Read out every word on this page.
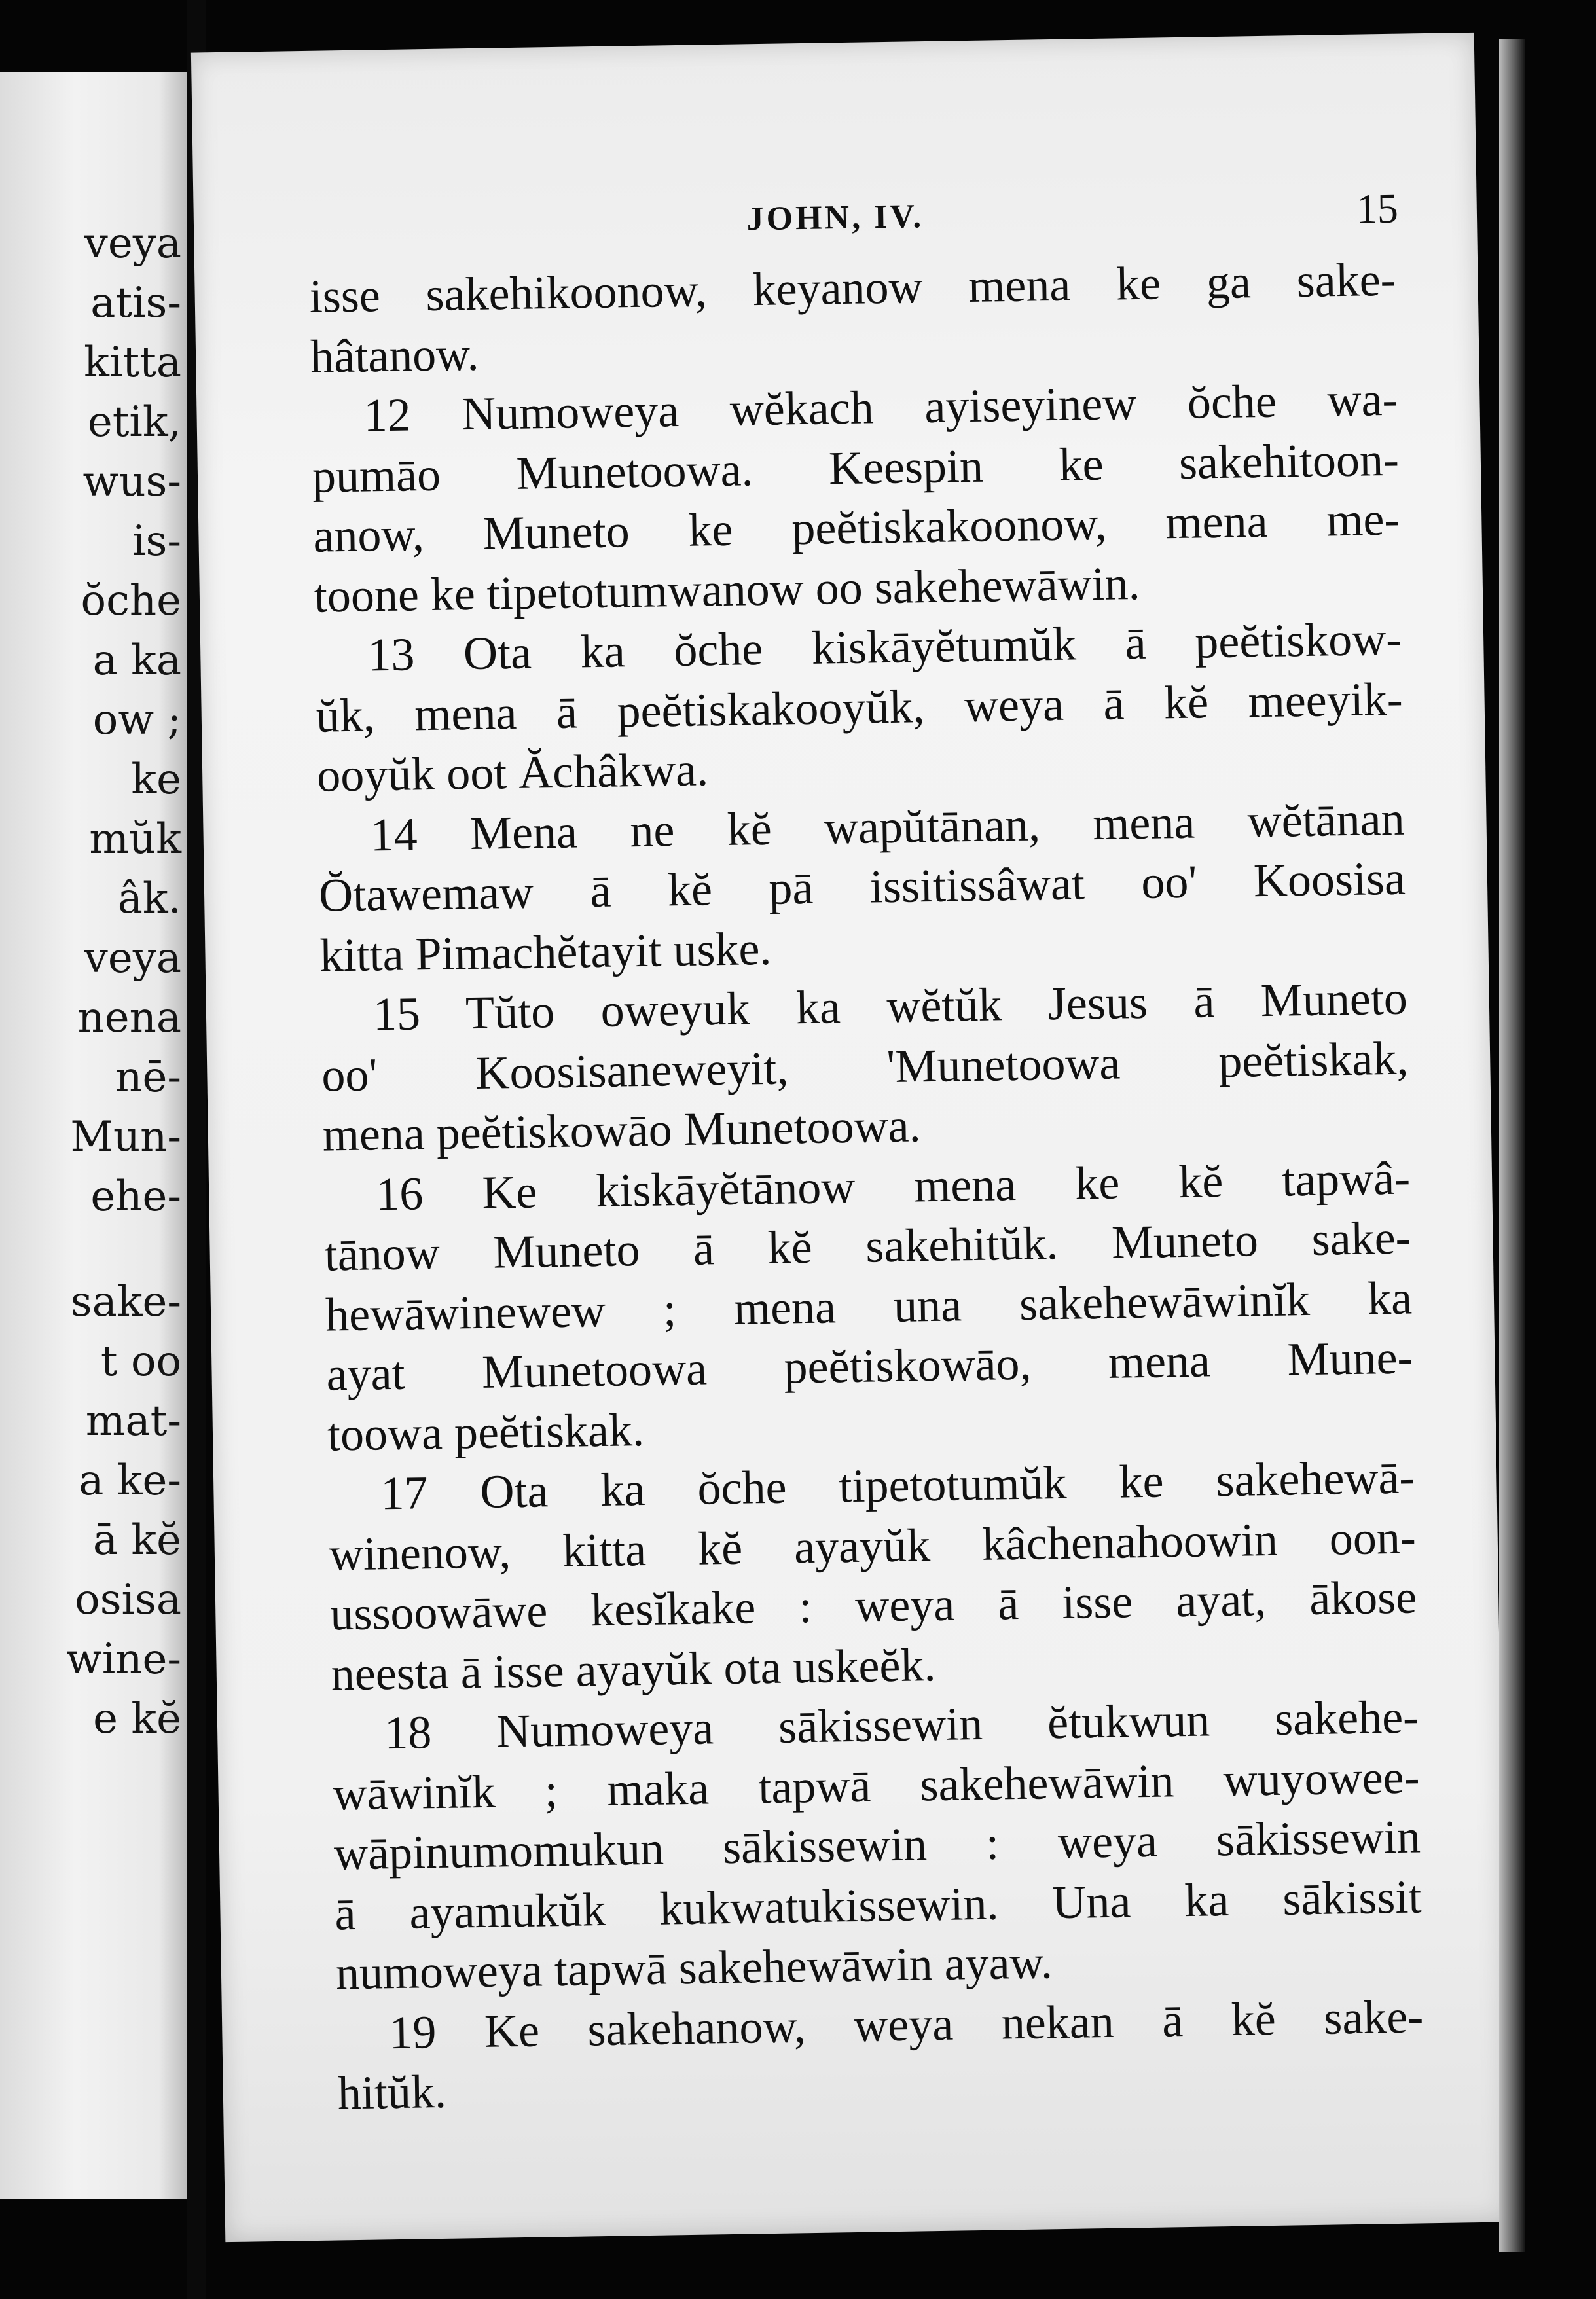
veya
atis-
kitta
etik,
wus-
is-
ŏche
a ka
ow ;
ke
mŭk
âk.
veya
nena
nē-
Mun-
ehe-
sake-
t oo
mat-
a ke-
ā kĕ
osisa
wine-
e kĕ
JOHN, IV.	15
isse sakehikoonow, keyanow mena ke ga sake-
hâtanow.
12 Numoweya wĕkach ayiseyinew ŏche wa-
pumāo Munetoowa. Keespin ke sakehitoon-
anow, Muneto ke peĕtiskakoonow, mena me-
toone ke tipetotumwanow oo sakehewāwin.
13 Ota ka ŏche kiskāyĕtumŭk ā peĕtiskow-
ŭk, mena ā peĕtiskakooyŭk, weya ā kĕ meeyik-
ooyŭk oot Ăchâkwa.
14 Mena ne kĕ wapŭtānan, mena wĕtānan
Ŏtawemaw ā kĕ pā issitissâwat oo' Koosisa
kitta Pimachĕtayit uske.
15 Tŭto oweyuk ka wĕtŭk Jesus ā Muneto
oo' Koosisaneweyit, 'Munetoowa peĕtiskak,
mena peĕtiskowāo Munetoowa.
16 Ke kiskāyĕtānow mena ke kĕ tapwâ-
tānow Muneto ā kĕ sakehitŭk. Muneto sake-
hewāwinewew ; mena una sakehewāwinĭk ka
ayat Munetoowa peĕtiskowāo, mena Mune-
toowa peĕtiskak.
17 Ota ka ŏche tipetotumŭk ke sakehewā-
winenow, kitta kĕ ayayŭk kâchenahoowin oon-
ussoowāwe kesĭkake : weya ā isse ayat, ākose
neesta ā isse ayayŭk ota uskeĕk.
18 Numoweya sākissewin ĕtukwun sakehe-
wāwinĭk ; maka tapwā sakehewāwin wuyowee-
wāpinumomukun sākissewin : weya sākissewin
ā ayamukŭk kukwatukissewin. Una ka sākissit
numoweya tapwā sakehewāwin ayaw.
19 Ke sakehanow, weya nekan ā kĕ sake-
hitŭk.
